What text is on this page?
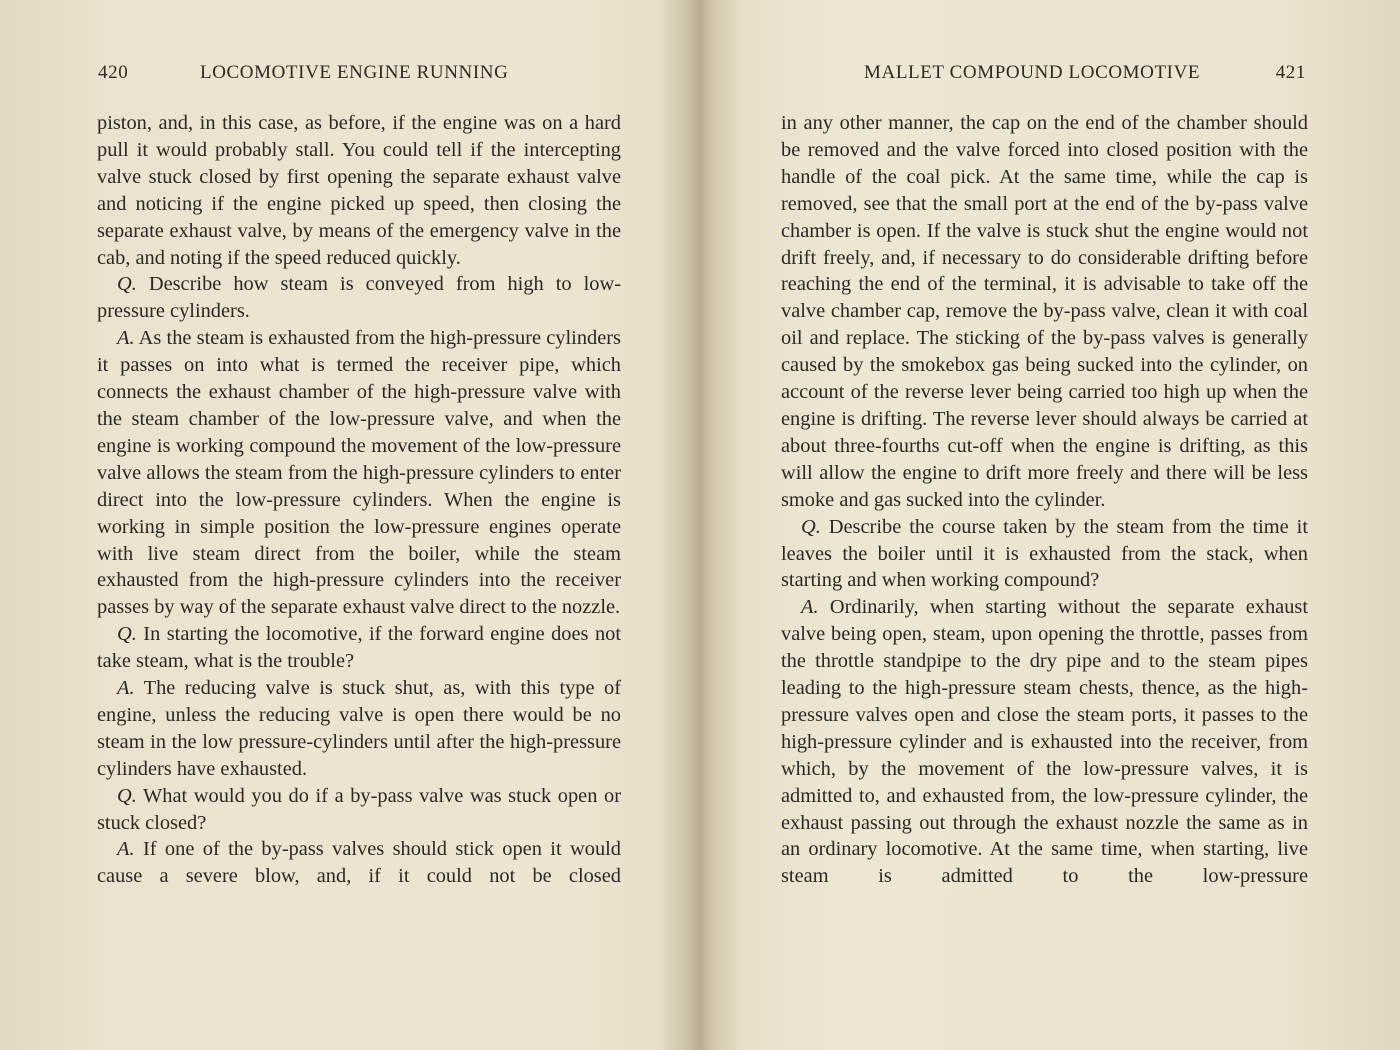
420	LOCOMOTIVE ENGINE RUNNING

piston, and, in this case, as before, if the engine was on a hard pull it would probably stall. You could tell if the intercepting valve stuck closed by first opening the separate exhaust valve and noticing if the engine picked up speed, then closing the separate exhaust valve, by means of the emergency valve in the cab, and noting if the speed reduced quickly.

Q. Describe how steam is conveyed from high to low-pressure cylinders.

A. As the steam is exhausted from the high-pressure cylinders it passes on into what is termed the receiver pipe, which connects the exhaust chamber of the high-pressure valve with the steam chamber of the low-pressure valve, and when the engine is working compound the movement of the low-pressure valve allows the steam from the high-pressure cylinders to enter direct into the low-pressure cylinders. When the engine is working in simple position the low-pressure engines operate with live steam direct from the boiler, while the steam exhausted from the high-pressure cylinders into the receiver passes by way of the separate exhaust valve direct to the nozzle.

Q. In starting the locomotive, if the forward engine does not take steam, what is the trouble?

A. The reducing valve is stuck shut, as, with this type of engine, unless the reducing valve is open there would be no steam in the low pressure-cylinders until after the high-pressure cylinders have exhausted.

Q. What would you do if a by-pass valve was stuck open or stuck closed?

A. If one of the by-pass valves should stick open it would cause a severe blow, and, if it could not be closed

MALLET COMPOUND LOCOMOTIVE	421

in any other manner, the cap on the end of the chamber should be removed and the valve forced into closed position with the handle of the coal pick. At the same time, while the cap is removed, see that the small port at the end of the by-pass valve chamber is open. If the valve is stuck shut the engine would not drift freely, and, if necessary to do considerable drifting before reaching the end of the terminal, it is advisable to take off the valve chamber cap, remove the by-pass valve, clean it with coal oil and replace. The sticking of the by-pass valves is generally caused by the smokebox gas being sucked into the cylinder, on account of the reverse lever being carried too high up when the engine is drifting. The reverse lever should always be carried at about three-fourths cut-off when the engine is drifting, as this will allow the engine to drift more freely and there will be less smoke and gas sucked into the cylinder.

Q. Describe the course taken by the steam from the time it leaves the boiler until it is exhausted from the stack, when starting and when working compound?

A. Ordinarily, when starting without the separate exhaust valve being open, steam, upon opening the throttle, passes from the throttle standpipe to the dry pipe and to the steam pipes leading to the high-pressure steam chests, thence, as the high-pressure valves open and close the steam ports, it passes to the high-pressure cylinder and is exhausted into the receiver, from which, by the movement of the low-pressure valves, it is admitted to, and exhausted from, the low-pressure cylinder, the exhaust passing out through the exhaust nozzle the same as in an ordinary locomotive. At the same time, when starting, live steam is admitted to the low-pressure
